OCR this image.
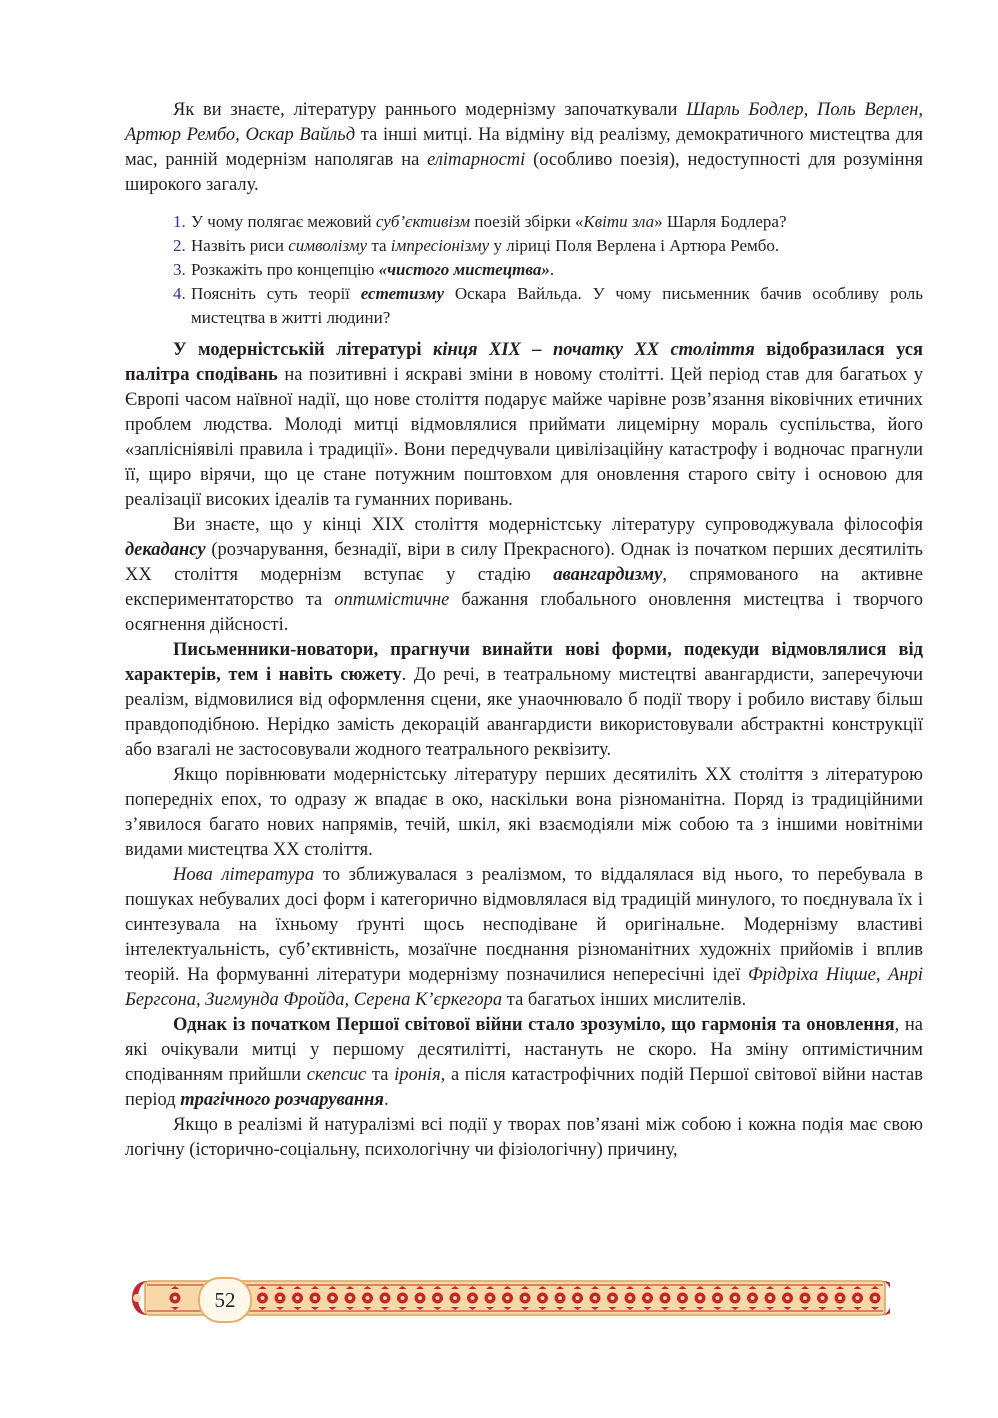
Як ви знаєте, літературу раннього модернізму започаткували Шарль Бодлер, Поль Верлен, Артюр Рембо, Оскар Вайльд та інші митці. На відміну від реалізму, демократичного мистецтва для мас, ранній модернізм наполягав на елітарності (особливо поезія), недоступності для розуміння широкого загалу.

1. У чому полягає межовий суб’єктивізм поезій збірки «Квіти зла» Шарля Бодлера?
2. Назвіть риси символізму та імпресіонізму у ліриці Поля Верлена і Артюра Рембо.
3. Розкажіть про концепцію «чистого мистецтва».
4. Поясніть суть теорії естетизму Оскара Вайльда. У чому письменник бачив особливу роль мистецтва в житті людини?

У модерністській літературі кінця ХІХ – початку ХХ століття відобразилася уся палітра сподівань на позитивні і яскраві зміни в новому столітті. Цей період став для багатьох у Європі часом наївної надії, що нове століття подарує майже чарівне розв’язання віковічних етичних проблем людства. Молоді митці відмовлялися приймати лицемірну мораль суспільства, його «заплісніявілі правила і традиції». Вони передчували цивілізаційну катастрофу і водночас прагнули її, щиро вірячи, що це стане потужним поштовхом для оновлення старого світу і основою для реалізації високих ідеалів та гуманних поривань.

Ви знаєте, що у кінці ХІХ століття модерністську літературу супроводжувала філософія декадансу (розчарування, безнадії, віри в силу Прекрасного). Однак із початком перших десятиліть ХХ століття модернізм вступає у стадію авангардизму, спрямованого на активне експериментаторство та оптимістичне бажання глобального оновлення мистецтва і творчого осягнення дійсності.

Письменники-новатори, прагнучи винайти нові форми, подекуди відмовлялися від характерів, тем і навіть сюжету. До речі, в театральному мистецтві авангардисти, заперечуючи реалізм, відмовилися від оформлення сцени, яке унаочнювало б події твору і робило виставу більш правдоподібною. Нерідко замість декорацій авангардисти використовували абстрактні конструкції або взагалі не застосовували жодного театрального реквізиту.

Якщо порівнювати модерністську літературу перших десятиліть ХХ століття з літературою попередніх епох, то одразу ж впадає в око, наскільки вона різноманітна. Поряд із традиційними з’явилося багато нових напрямів, течій, шкіл, які взаємодіяли між собою та з іншими новітніми видами мистецтва ХХ століття.

Нова література то зближувалася з реалізмом, то віддалялася від нього, то перебувала в пошуках небувалих досі форм і категорично відмовлялася від традицій минулого, то поєднувала їх і синтезувала на їхньому ґрунті щось несподіване й оригінальне. Модернізму властиві інтелектуальність, суб’єктивність, мозаїчне поєднання різноманітних художніх прийомів і вплив теорій. На формуванні літератури модернізму позначилися непересічні ідеї Фрідріха Ніцше, Анрі Бергсона, Зигмунда Фройда, Серена К’єркегора та багатьох інших мислителів.

Однак із початком Першої світової війни стало зрозуміло, що гармонія та оновлення, на які очікували митці у першому десятилітті, настануть не скоро. На зміну оптимістичним сподіванням прийшли скепсис та іронія, а після катастрофічних подій Першої світової війни настав період трагічного розчарування.

Якщо в реалізмі й натуралізмі всі події у творах пов’язані між собою і кожна подія має свою логічну (історично-соціальну, психологічну чи фізіологічну) причину,

52
